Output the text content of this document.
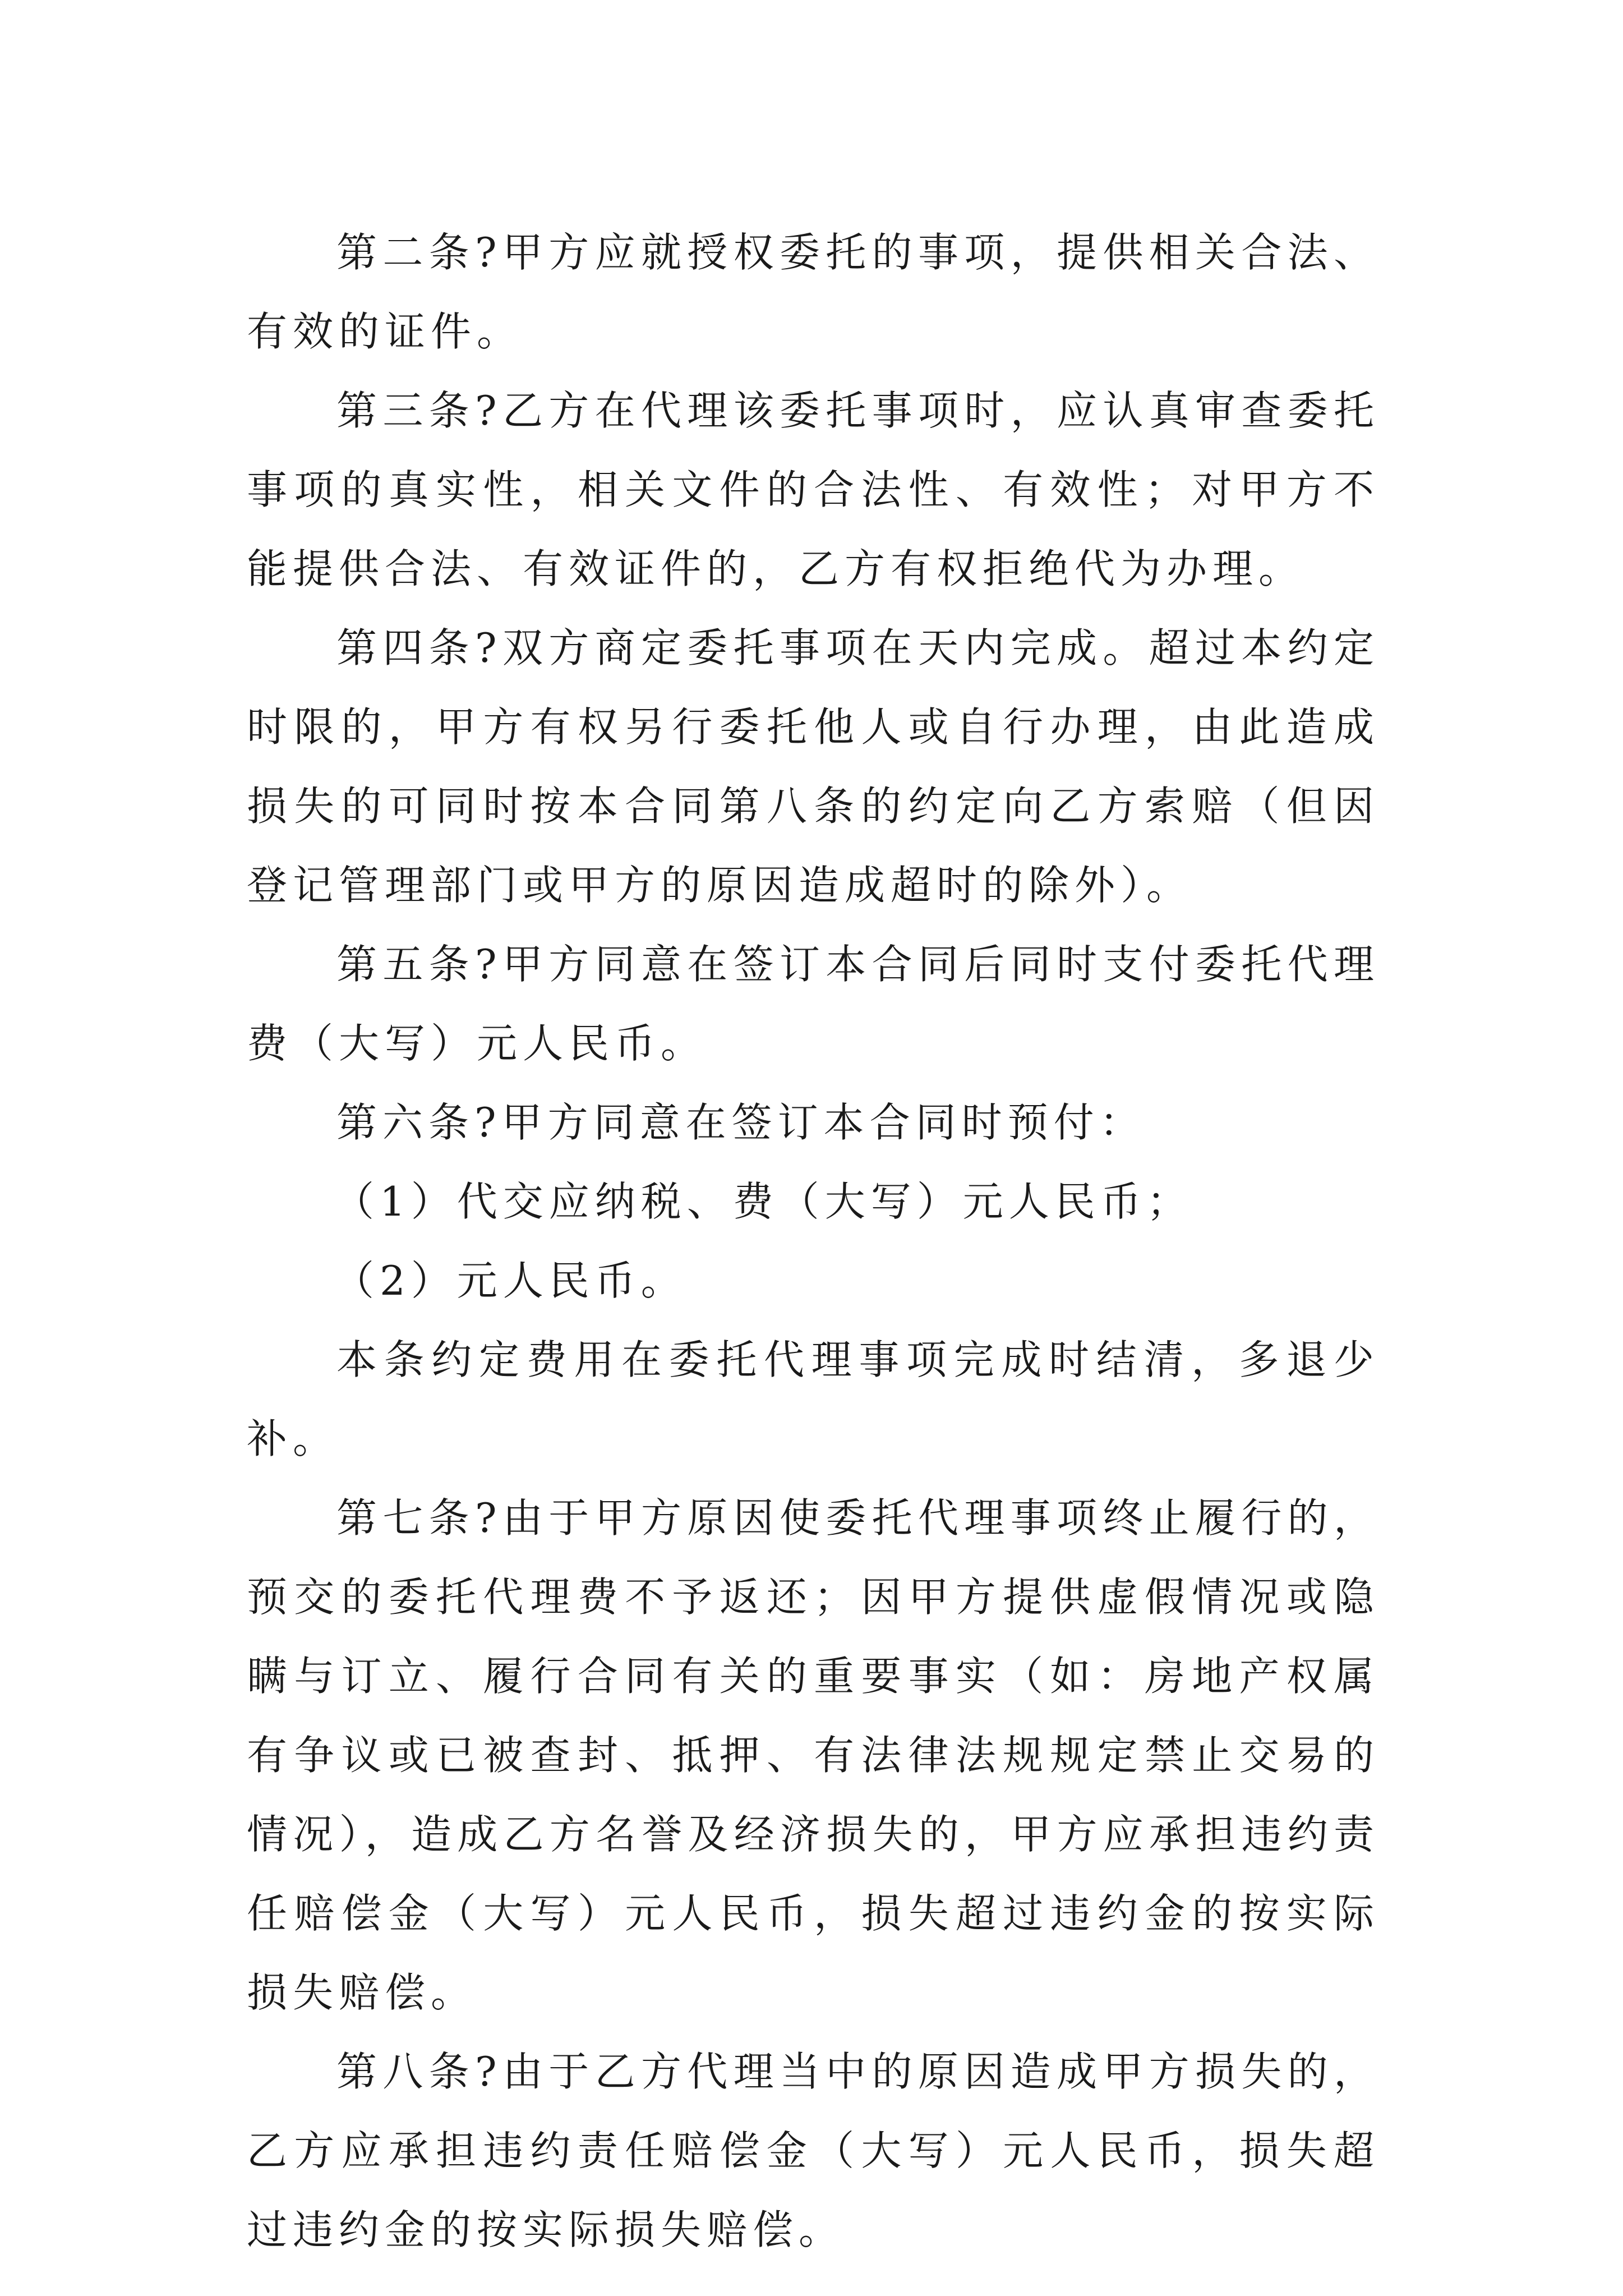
第二条?甲方应就授权委托的事项，提供相关合法、有效的证件。

第三条?乙方在代理该委托事项时，应认真审查委托事项的真实性，相关文件的合法性、有效性；对甲方不能提供合法、有效证件的，乙方有权拒绝代为办理。

第四条?双方商定委托事项在天内完成。超过本约定时限的，甲方有权另行委托他人或自行办理，由此造成损失的可同时按本合同第八条的约定向乙方索赔（但因登记管理部门或甲方的原因造成超时的除外）。

第五条?甲方同意在签订本合同后同时支付委托代理费（大写）元人民币。

第六条?甲方同意在签订本合同时预付：

（1）代交应纳税、费（大写）元人民币；

（2）元人民币。

本条约定费用在委托代理事项完成时结清，多退少补。

第七条?由于甲方原因使委托代理事项终止履行的，预交的委托代理费不予返还；因甲方提供虚假情况或隐瞒与订立、履行合同有关的重要事实（如：房地产权属有争议或已被查封、抵押、有法律法规规定禁止交易的情况），造成乙方名誉及经济损失的，甲方应承担违约责任赔偿金（大写）元人民币，损失超过违约金的按实际损失赔偿。

第八条?由于乙方代理当中的原因造成甲方损失的，乙方应承担违约责任赔偿金（大写）元人民币，损失超过违约金的按实际损失赔偿。
